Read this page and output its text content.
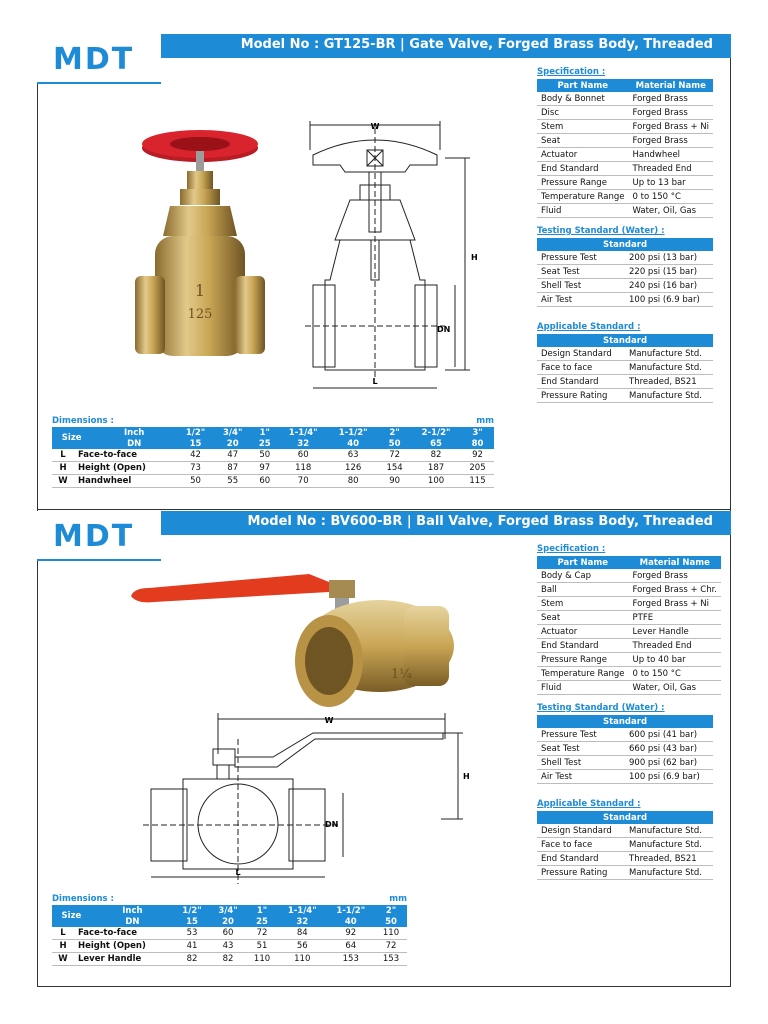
MDT	Model No : GT125-BR | Gate Valve, Forged Brass Body, Threaded
1
125
W
H
DN
L
Specification :
Part Name	Material Name
Body & Bonnet	Forged Brass
Disc	Forged Brass
Stem	Forged Brass + Ni
Seat	Forged Brass
Actuator	Handwheel
End Standard	Threaded End
Pressure Range	Up to 13 bar
Temperature Range	0 to 150 °C
Fluid	Water, Oil, Gas
Testing Standard (Water) :
Standard	
Pressure Test	200 psi (13 bar)
Seat Test	220 psi (15 bar)
Shell Test	240 psi (16 bar)
Air Test	100 psi (6.9 bar)
Applicable Standard :
Standard	
Design Standard	Manufacture Std.
Face to face	Manufacture Std.
End Standard	Threaded, BS21
Pressure Rating	Manufacture Std.
Dimensions :	mm
Size		Inch	1/2"	3/4"	1"	1-1/4"	1-1/2"	2"	2-1/2"	3"
		DN	15	20	25	32	40	50	65	80
L	Face-to-face		42	47	50	60	63	72	82	92
H	Height (Open)		73	87	97	118	126	154	187	205
W	Handwheel		50	55	60	70	80	90	100	115
MDT	Model No : BV600-BR | Ball Valve, Forged Brass Body, Threaded
1¼
W
H
DN
L
Specification :
Part Name	Material Name
Body & Cap	Forged Brass
Ball	Forged Brass + Chr.
Stem	Forged Brass + Ni
Seat	PTFE
Actuator	Lever Handle
End Standard	Threaded End
Pressure Range	Up to 40 bar
Temperature Range	0 to 150 °C
Fluid	Water, Oil, Gas
Testing Standard (Water) :
Standard	
Pressure Test	600 psi (41 bar)
Seat Test	660 psi (43 bar)
Shell Test	900 psi (62 bar)
Air Test	100 psi (6.9 bar)
Applicable Standard :
Standard	
Design Standard	Manufacture Std.
Face to face	Manufacture Std.
End Standard	Threaded, BS21
Pressure Rating	Manufacture Std.
Dimensions :	mm
Size		Inch	1/2"	3/4"	1"	1-1/4"	1-1/2"	2"
		DN	15	20	25	32	40	50
L	Face-to-face		53	60	72	84	92	110
H	Height (Open)		41	43	51	56	64	72
W	Lever Handle		82	82	110	110	153	153
